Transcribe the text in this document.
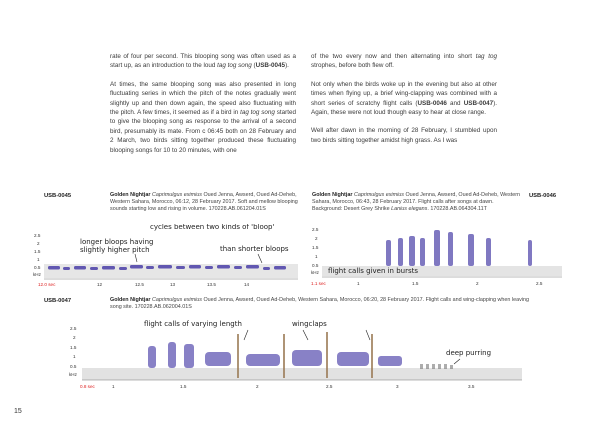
rate of four per second. This blooping song was often used as a start up, as an introduction to the loud tag tog song (USB-0045).

At times, the same blooping song was also presented in long fluctuating series in which the pitch of the notes gradually went slightly up and then down again, the speed also fluctuating with the pitch. A few times, it seemed as if a bird in tag tog song started to give the blooping song as response to the arrival of a second bird, presumably its mate. From c 06:45 both on 28 February and 2 March, two birds sitting together produced these fluctuating blooping songs for 10 to 20 minutes, with one

of the two every now and then alternating into short tag tog strophes, before both flew off.

Not only when the birds woke up in the evening but also at other times when flying up, a brief wing-clapping was combined with a short series of scratchy flight calls (USB-0046 and USB-0047). Again, these were not loud though easy to hear at close range.

Well after dawn in the morning of 28 February, I stumbled upon two birds sitting together amidst high grass. As I was

USB-0045	Golden Nightjar Caprimulgus eximius Oued Jenna, Awserd, Oued Ad-Deheb, Western Sahara, Morocco, 06:12, 28 February 2017. Soft and mellow blooping sounds starting low and rising in volume. 170228.AB.061204.01S
2.5
2
1.5
1
0.5
kHz
12.0 sec	12	12.5	13	13.5	14
cycles between two kinds of 'bloop'
longer bloops having
slightly higher pitch	than shorter bloops
Golden Nightjar Caprimulgus eximius Oued Jenna, Awserd, Oued Ad-Deheb, Western Sahara, Morocco, 06:43, 28 February 2017. Flight calls after songs at dawn. Background: Desert Grey Shrike Lanius elegans. 170228.AB.064304.11T
USB-0046
2.5
2
1.5
1
0.5
kHz
1.1 sec	1	1.5	2	2.5
flight calls given in bursts
USB-0047	Golden Nightjar Caprimulgus eximius Oued Jenna, Awserd, Oued Ad-Deheb, Western Sahara, Morocco, 06:20, 28 February 2017. Flight calls and wing-clapping when leaving song site. 170228.AB.062004.01S
2.5
2
1.5
1
0.5
kHz
0.8 sec	1	1.5	2	2.5	3	3.5
flight calls of varying length	wingclaps
deep purring
15
